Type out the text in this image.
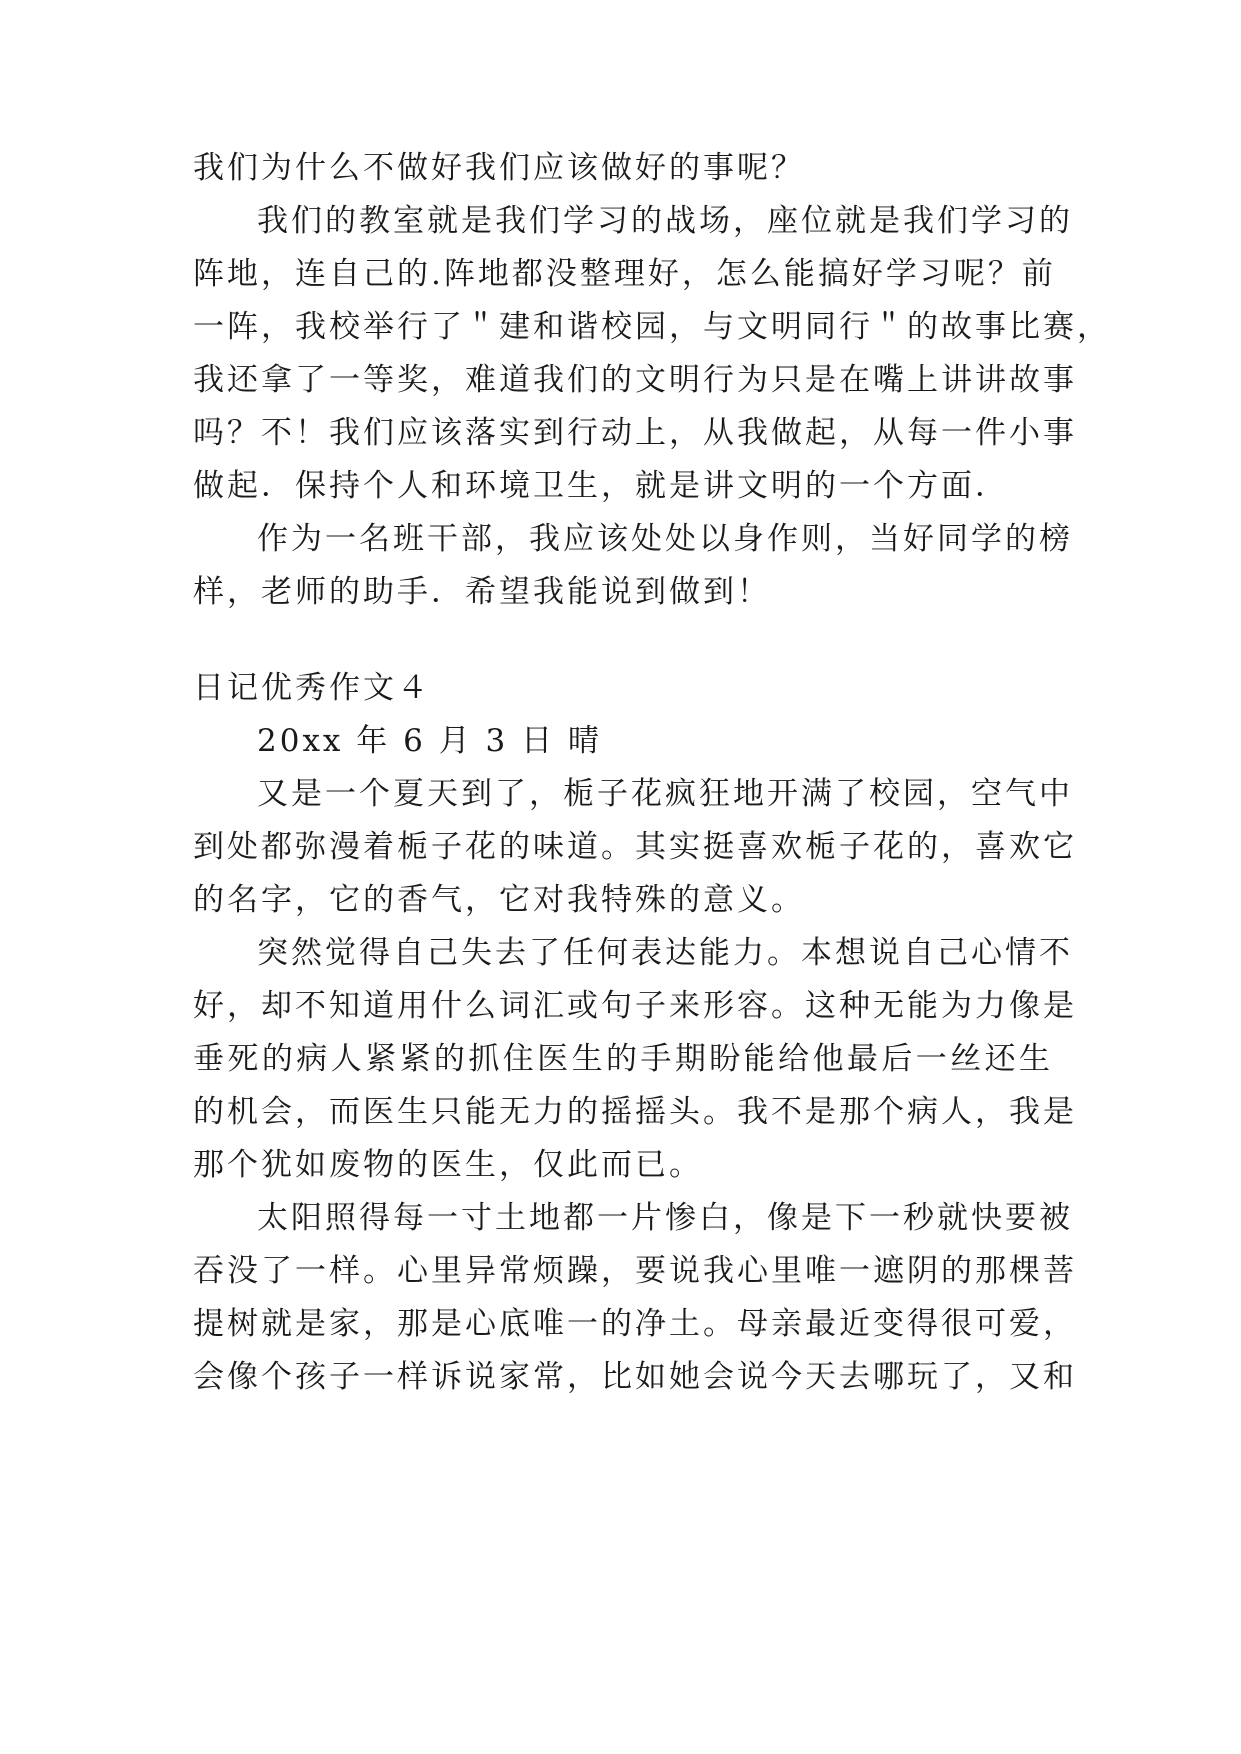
我们为什么不做好我们应该做好的事呢？
我们的教室就是我们学习的战场，座位就是我们学习的
阵地，连自己的.阵地都没整理好，怎么能搞好学习呢？前
一阵，我校举行了＂建和谐校园，与文明同行＂的故事比赛，
我还拿了一等奖，难道我们的文明行为只是在嘴上讲讲故事
吗？不！我们应该落实到行动上，从我做起，从每一件小事
做起．保持个人和环境卫生，就是讲文明的一个方面．
作为一名班干部，我应该处处以身作则，当好同学的榜
样，老师的助手．希望我能说到做到！
日记优秀作文４
20xx 年 6 月 3 日 晴
又是一个夏天到了，栀子花疯狂地开满了校园，空气中
到处都弥漫着栀子花的味道。其实挺喜欢栀子花的，喜欢它
的名字，它的香气，它对我特殊的意义。
突然觉得自己失去了任何表达能力。本想说自己心情不
好，却不知道用什么词汇或句子来形容。这种无能为力像是
垂死的病人紧紧的抓住医生的手期盼能给他最后一丝还生
的机会，而医生只能无力的摇摇头。我不是那个病人，我是
那个犹如废物的医生，仅此而已。
太阳照得每一寸土地都一片惨白，像是下一秒就快要被
吞没了一样。心里异常烦躁，要说我心里唯一遮阴的那棵菩
提树就是家，那是心底唯一的净土。母亲最近变得很可爱，
会像个孩子一样诉说家常，比如她会说今天去哪玩了，又和
